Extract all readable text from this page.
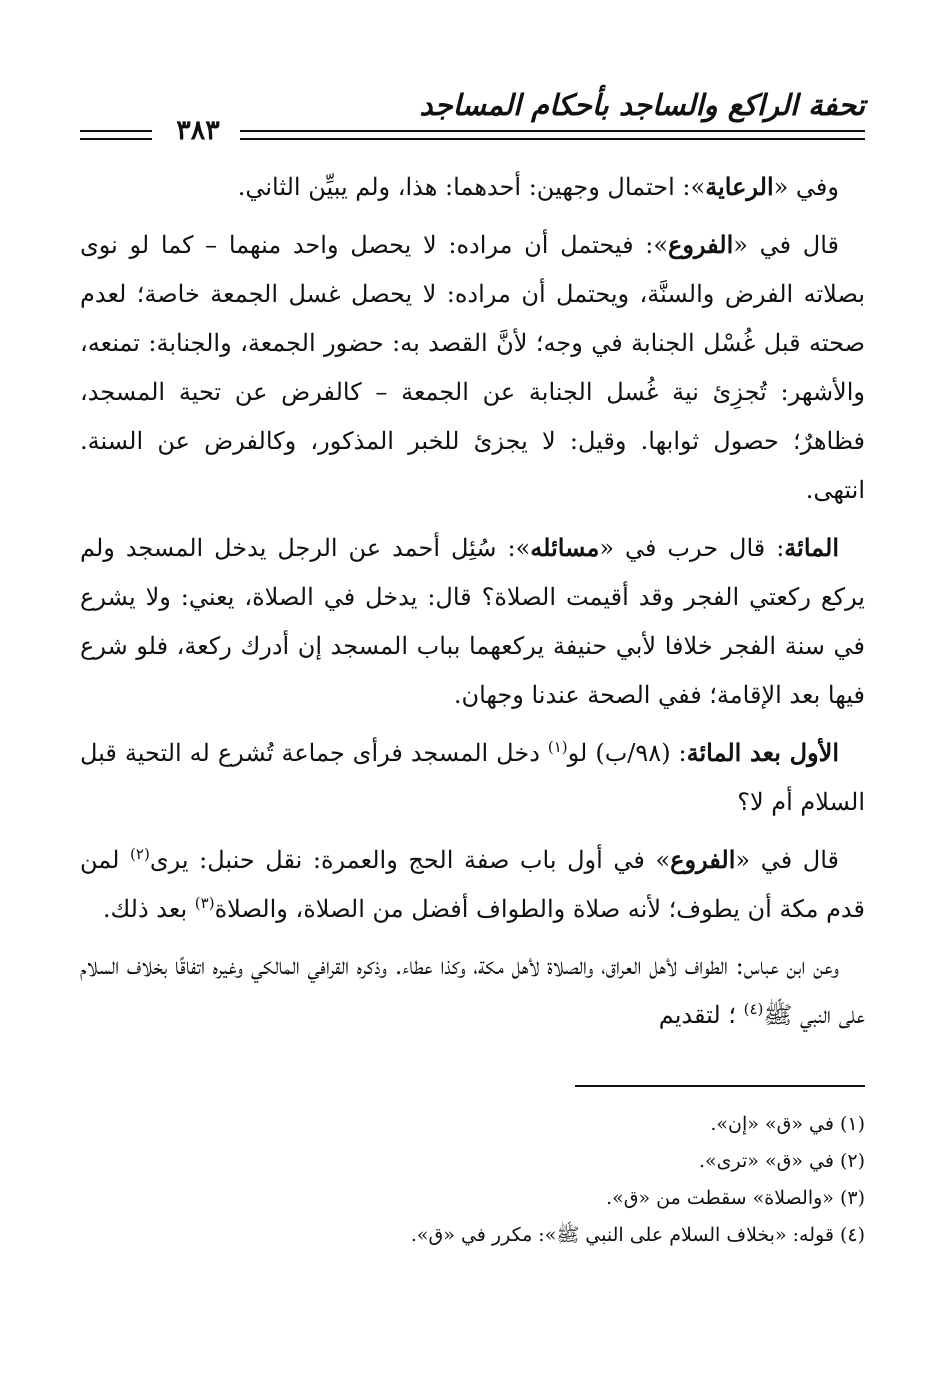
تحفة الراكع والساجد بأحكام المساجد
٣٨٣

وفي «الرعاية»: احتمال وجهين: أحدهما: هذا، ولم يبيِّن الثاني.

قال في «الفروع»: فيحتمل أن مراده: لا يحصل واحد منهما – كما لو نوى بصلاته الفرض والسنَّة، ويحتمل أن مراده: لا يحصل غسل الجمعة خاصة؛ لعدم صحته قبل غُسْل الجنابة في وجه؛ لأنَّ القصد به: حضور الجمعة، والجنابة: تمنعه، والأشهر: تُجزِئ نية غُسل الجنابة عن الجمعة – كالفرض عن تحية المسجد، فظاهرٌ؛ حصول ثوابها. وقيل: لا يجزئ للخبر المذكور، وكالفرض عن السنة. انتهى.

المائة: قال حرب في «مسائله»: سُئِل أحمد عن الرجل يدخل المسجد ولم يركع ركعتي الفجر وقد أقيمت الصلاة؟ قال: يدخل في الصلاة، يعني: ولا يشرع في سنة الفجر خلافا لأبي حنيفة يركعهما بباب المسجد إن أدرك ركعة، فلو شرع فيها بعد الإقامة؛ ففي الصحة عندنا وجهان.

الأول بعد المائة: (٩٨/ب) لو$^{(١)}$ دخل المسجد فرأى جماعة تُشرع له التحية قبل السلام أم لا؟

قال في «الفروع» في أول باب صفة الحج والعمرة: نقل حنبل: يرى$^{(٢)}$ لمن قدم مكة أن يطوف؛ لأنه صلاة والطواف أفضل من الصلاة، والصلاة$^{(٣)}$ بعد ذلك.

وعن ابن عباس: الطواف لأهل العراق، والصلاة لأهل مكة، وكذا عطاء. وذكره القرافي المالكي وغيره اتفاقًا بخلاف السلام على النبي ﷺ$^{(٤)}$ ؛ لتقديم

(١) في «ق» «إن».

(٢) في «ق» «ترى».

(٣) «والصلاة» سقطت من «ق».

(٤) قوله: «بخلاف السلام على النبي ﷺ»: مكرر في «ق».
